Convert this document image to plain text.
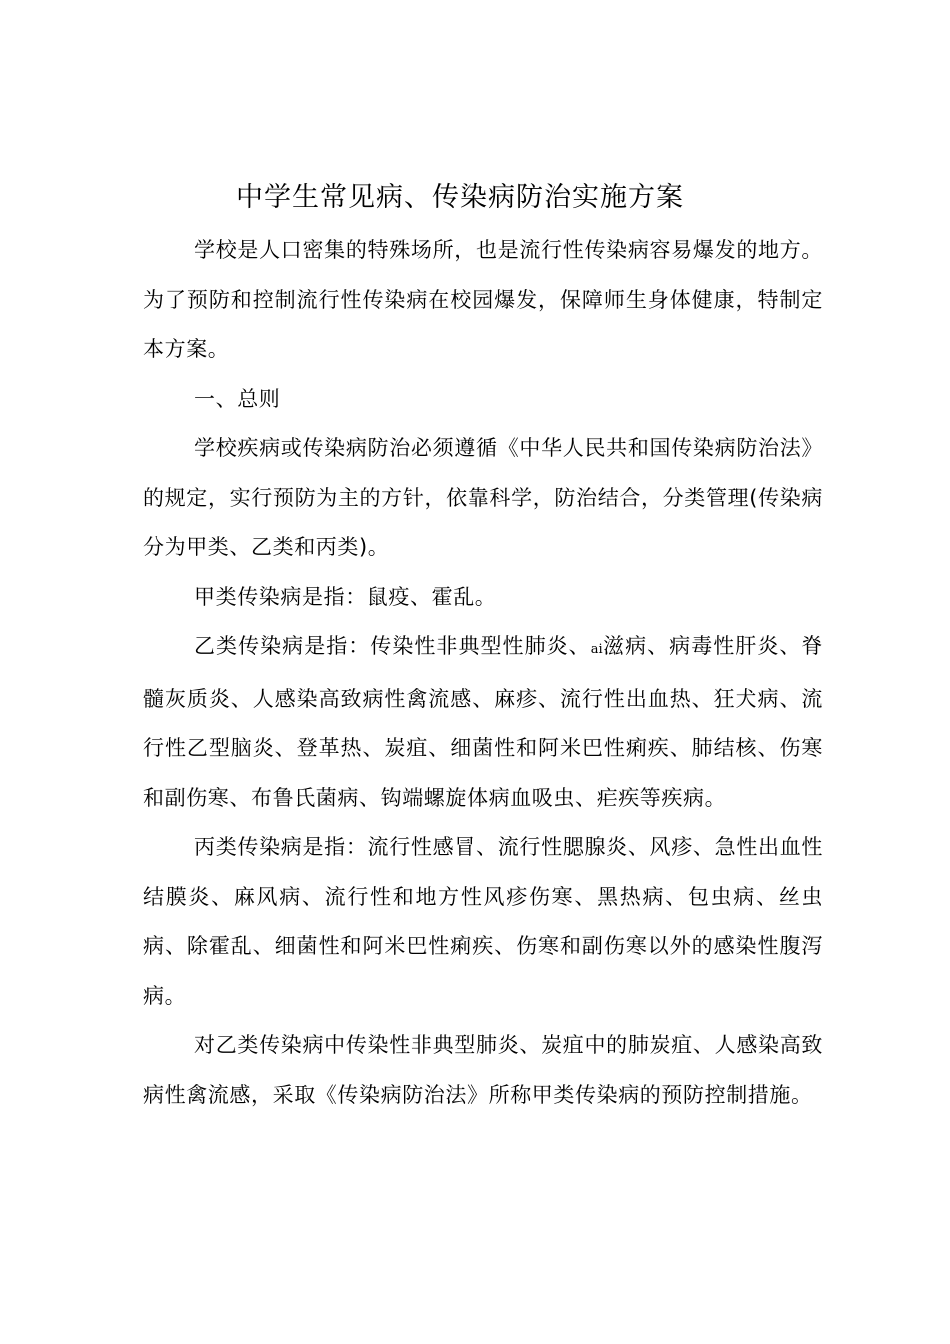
中学生常见病、传染病防治实施方案

学校是人口密集的特殊场所，也是流行性传染病容易爆发的地方。为了预防和控制流行性传染病在校园爆发，保障师生身体健康，特制定本方案。

一、总则

学校疾病或传染病防治必须遵循《中华人民共和国传染病防治法》的规定，实行预防为主的方针，依靠科学，防治结合，分类管理(传染病分为甲类、乙类和丙类)。

甲类传染病是指：鼠疫、霍乱。

乙类传染病是指：传染性非典型性肺炎、ai滋病、病毒性肝炎、脊髓灰质炎、人感染高致病性禽流感、麻疹、流行性出血热、狂犬病、流行性乙型脑炎、登革热、炭疽、细菌性和阿米巴性痢疾、肺结核、伤寒和副伤寒、布鲁氏菌病、钩端螺旋体病血吸虫、疟疾等疾病。

丙类传染病是指：流行性感冒、流行性腮腺炎、风疹、急性出血性结膜炎、麻风病、流行性和地方性风疹伤寒、黑热病、包虫病、丝虫病、除霍乱、细菌性和阿米巴性痢疾、伤寒和副伤寒以外的感染性腹泻病。

对乙类传染病中传染性非典型肺炎、炭疽中的肺炭疽、人感染高致病性禽流感，采取《传染病防治法》所称甲类传染病的预防控制措施。
